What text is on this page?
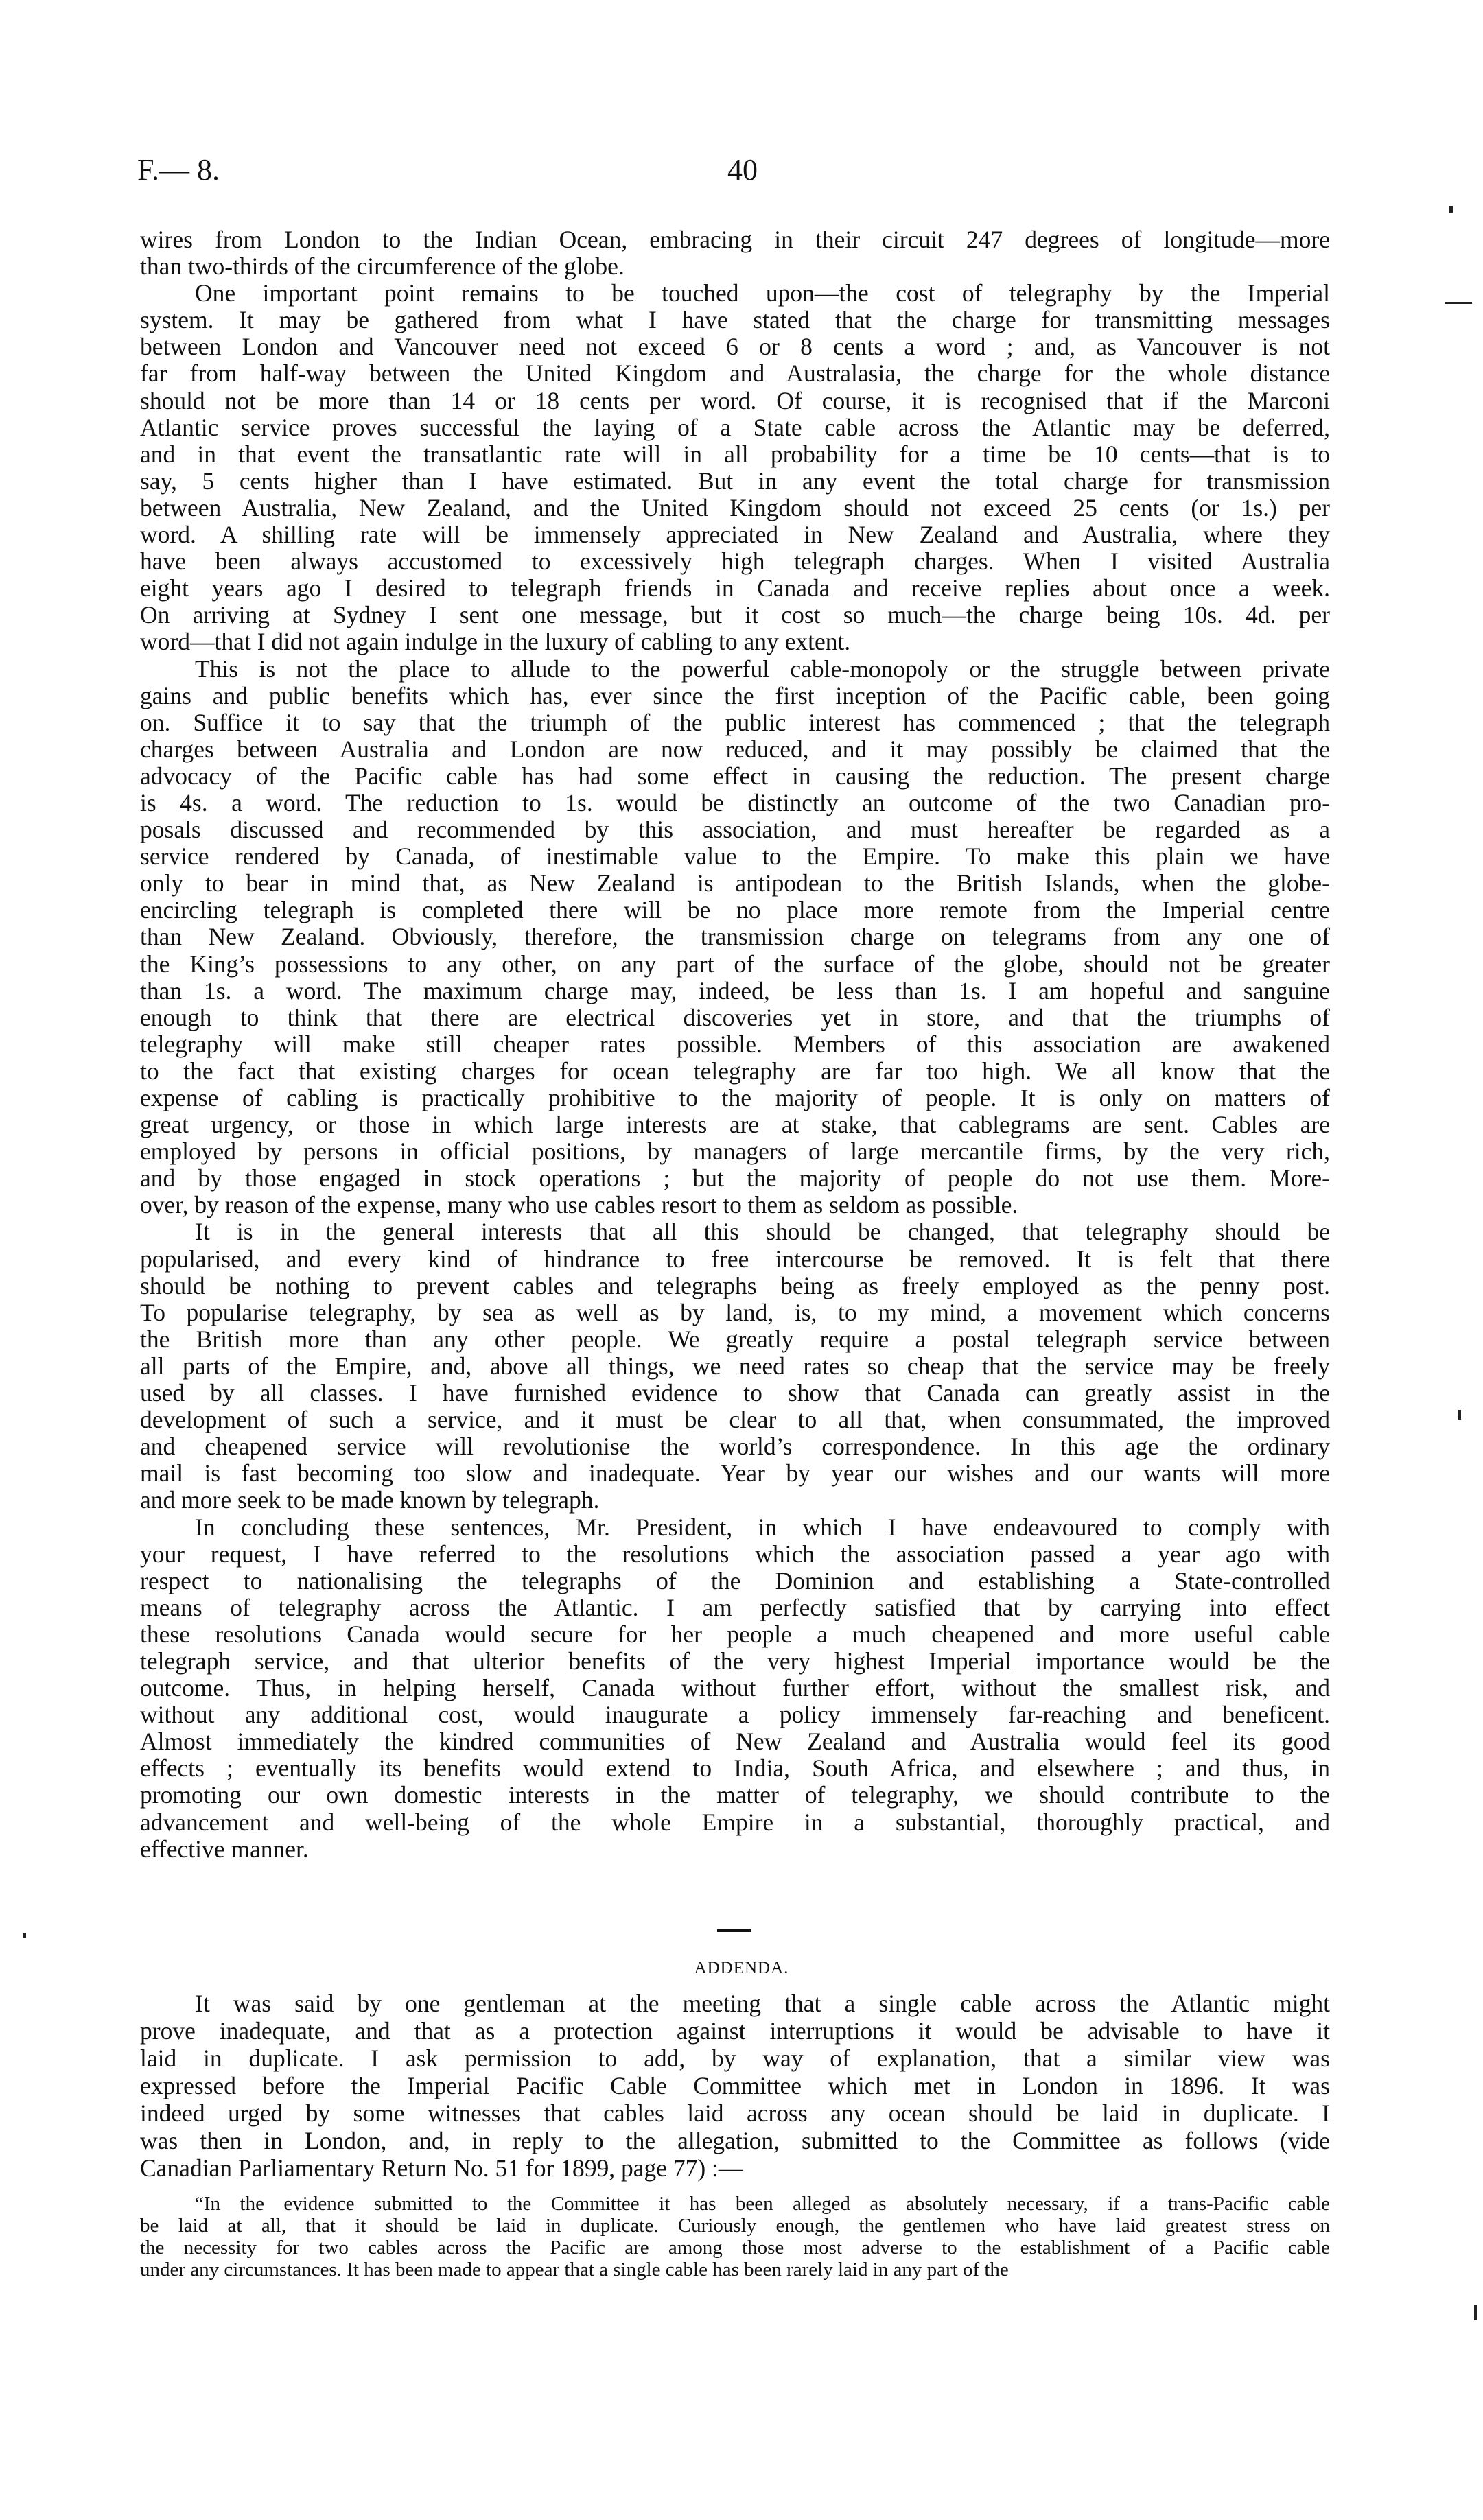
F.— 8.	40
wires from London to the Indian Ocean, embracing in their circuit 247 degrees of longitude—more
than two-thirds of the circumference of the globe.
One important point remains to be touched upon—the cost of telegraphy by the Imperial
system. It may be gathered from what I have stated that the charge for transmitting messages
between London and Vancouver need not exceed 6 or 8 cents a word ; and, as Vancouver is not
far from half-way between the United Kingdom and Australasia, the charge for the whole distance
should not be more than 14 or 18 cents per word. Of course, it is recognised that if the Marconi
Atlantic service proves successful the laying of a State cable across the Atlantic may be deferred,
and in that event the transatlantic rate will in all probability for a time be 10 cents—that is to
say, 5 cents higher than I have estimated. But in any event the total charge for transmission
between Australia, New Zealand, and the United Kingdom should not exceed 25 cents (or 1s.) per
word. A shilling rate will be immensely appreciated in New Zealand and Australia, where they
have been always accustomed to excessively high telegraph charges. When I visited Australia
eight years ago I desired to telegraph friends in Canada and receive replies about once a week.
On arriving at Sydney I sent one message, but it cost so much—the charge being 10s. 4d. per
word—that I did not again indulge in the luxury of cabling to any extent.
This is not the place to allude to the powerful cable-monopoly or the struggle between private
gains and public benefits which has, ever since the first inception of the Pacific cable, been going
on. Suffice it to say that the triumph of the public interest has commenced ; that the telegraph
charges between Australia and London are now reduced, and it may possibly be claimed that the
advocacy of the Pacific cable has had some effect in causing the reduction. The present charge
is 4s. a word. The reduction to 1s. would be distinctly an outcome of the two Canadian pro-
posals discussed and recommended by this association, and must hereafter be regarded as a
service rendered by Canada, of inestimable value to the Empire. To make this plain we have
only to bear in mind that, as New Zealand is antipodean to the British Islands, when the globe-
encircling telegraph is completed there will be no place more remote from the Imperial centre
than New Zealand. Obviously, therefore, the transmission charge on telegrams from any one of
the King’s possessions to any other, on any part of the surface of the globe, should not be greater
than 1s. a word. The maximum charge may, indeed, be less than 1s. I am hopeful and sanguine
enough to think that there are electrical discoveries yet in store, and that the triumphs of
telegraphy will make still cheaper rates possible. Members of this association are awakened
to the fact that existing charges for ocean telegraphy are far too high. We all know that the
expense of cabling is practically prohibitive to the majority of people. It is only on matters of
great urgency, or those in which large interests are at stake, that cablegrams are sent. Cables are
employed by persons in official positions, by managers of large mercantile firms, by the very rich,
and by those engaged in stock operations ; but the majority of people do not use them. More-
over, by reason of the expense, many who use cables resort to them as seldom as possible.
It is in the general interests that all this should be changed, that telegraphy should be
popularised, and every kind of hindrance to free intercourse be removed. It is felt that there
should be nothing to prevent cables and telegraphs being as freely employed as the penny post.
To popularise telegraphy, by sea as well as by land, is, to my mind, a movement which concerns
the British more than any other people. We greatly require a postal telegraph service between
all parts of the Empire, and, above all things, we need rates so cheap that the service may be freely
used by all classes. I have furnished evidence to show that Canada can greatly assist in the
development of such a service, and it must be clear to all that, when consummated, the improved
and cheapened service will revolutionise the world’s correspondence. In this age the ordinary
mail is fast becoming too slow and inadequate. Year by year our wishes and our wants will more
and more seek to be made known by telegraph.
In concluding these sentences, Mr. President, in which I have endeavoured to comply with
your request, I have referred to the resolutions which the association passed a year ago with
respect to nationalising the telegraphs of the Dominion and establishing a State-controlled
means of telegraphy across the Atlantic. I am perfectly satisfied that by carrying into effect
these resolutions Canada would secure for her people a much cheapened and more useful cable
telegraph service, and that ulterior benefits of the very highest Imperial importance would be the
outcome. Thus, in helping herself, Canada without further effort, without the smallest risk, and
without any additional cost, would inaugurate a policy immensely far-reaching and beneficent.
Almost immediately the kindred communities of New Zealand and Australia would feel its good
effects ; eventually its benefits would extend to India, South Africa, and elsewhere ; and thus, in
promoting our own domestic interests in the matter of telegraphy, we should contribute to the
advancement and well-being of the whole Empire in a substantial, thoroughly practical, and
effective manner.
ADDENDA.
It was said by one gentleman at the meeting that a single cable across the Atlantic might
prove inadequate, and that as a protection against interruptions it would be advisable to have it
laid in duplicate. I ask permission to add, by way of explanation, that a similar view was
expressed before the Imperial Pacific Cable Committee which met in London in 1896. It was
indeed urged by some witnesses that cables laid across any ocean should be laid in duplicate. I
was then in London, and, in reply to the allegation, submitted to the Committee as follows (vide
Canadian Parliamentary Return No. 51 for 1899, page 77) :—
“In the evidence submitted to the Committee it has been alleged as absolutely necessary, if a trans-Pacific cable
be laid at all, that it should be laid in duplicate. Curiously enough, the gentlemen who have laid greatest stress on
the necessity for two cables across the Pacific are among those most adverse to the establishment of a Pacific cable
under any circumstances. It has been made to appear that a single cable has been rarely laid in any part of the
